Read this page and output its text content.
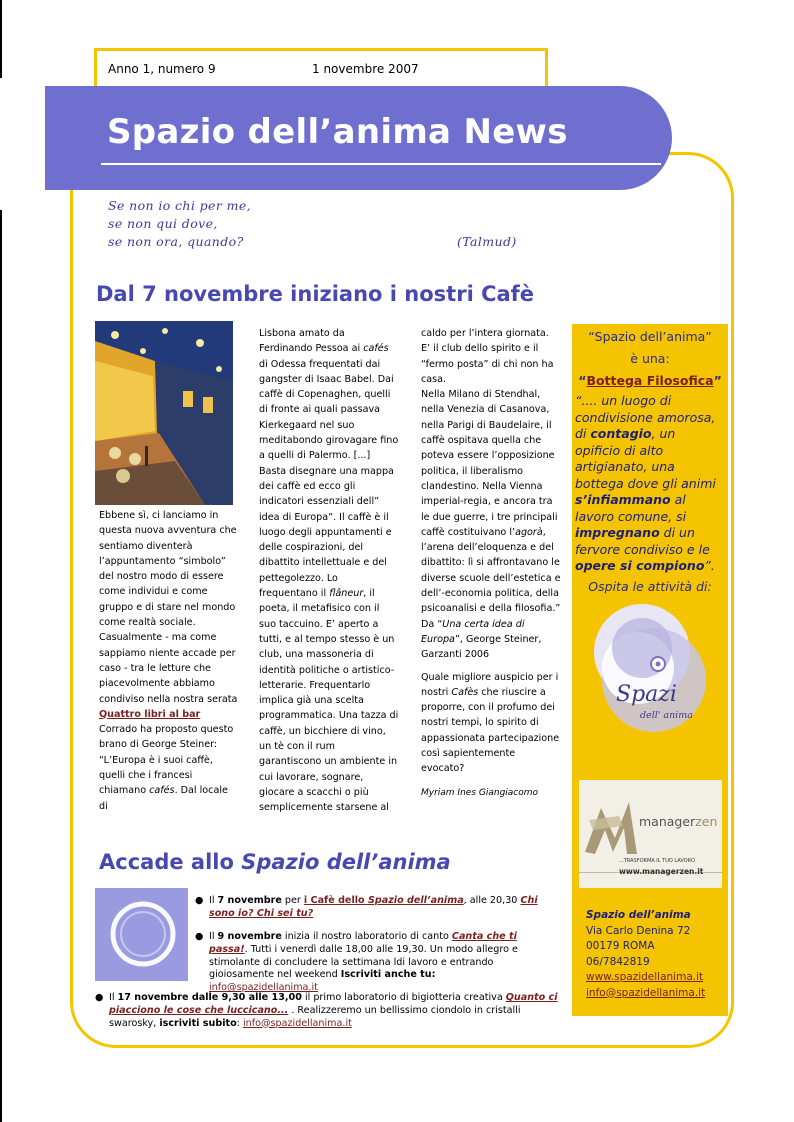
Anno 1, numero 9	1 novembre 2007
Spazio dell’anima News
Se non io chi per me,
se non qui dove,
se non ora, quando?	(Talmud)
Dal 7 novembre iniziano i nostri Cafè

Ebbene sì, ci lanciamo in questa nuova avventura che sentiamo diventerà l’appuntamento “simbolo” del nostro modo di essere come individui e come gruppo e di stare nel mondo come realtà sociale.

Casualmente - ma come sappiamo niente accade per caso - tra le letture che piacevolmente abbiamo condiviso nella nostra serata Quattro libri al bar Corrado ha proposto questo brano di George Steiner:

“L’Europa è i suoi caffè, quelli che i francesi chiamano cafés. Dal locale di

Lisbona amato da Ferdinando Pessoa ai cafés di Odessa frequentati dai gangster di Isaac Babel. Dai caffè di Copenaghen, quelli di fronte ai quali passava Kierkegaard nel suo meditabondo girovagare fino a quelli di Palermo. [...] Basta disegnare una mappa dei caffè ed ecco gli indicatori essenziali dell” idea di Europa”. Il caffè è il luogo degli appuntamenti e delle cospirazioni, del dibattito intellettuale e del pettegolezzo. Lo frequentano il flâneur, il poeta, il metafisico con il suo taccuino. E’ aperto a tutti, e al tempo stesso è un club, una massoneria di identità politiche o artistico-letterarie. Frequentarlo implica già una scelta programmatica. Una tazza di caffè, un bicchiere di vino, un tè con il rum garantiscono un ambiente in cui lavorare, sognare, giocare a scacchi o più semplicemente starsene al

caldo per l’intera giornata. E’ il club dello spirito e il “fermo posta” di chi non ha casa.

Nella Milano di Stendhal, nella Venezia di Casanova, nella Parigi di Baudelaire, il caffè ospitava quella che poteva essere l’opposizione politica, il liberalismo clandestino. Nella Vienna imperial-regia, e ancora tra le due guerre, i tre principali caffè costituivano l’agorà, l’arena dell’eloquenza e del dibattito: lì si affrontavano le diverse scuole dell’estetica e dell’-economia politica, della psicoanalisi e della filosofia.”

Da “Una certa idea di Europa”, George Steiner, Garzanti 2006

Quale migliore auspicio per i nostri Cafès che riuscire a proporre, con il profumo dei nostri tempi, lo spirito di appassionata partecipazione così sapientemente evocato?

Myriam Ines Giangiacomo

“Spazio dell’anima”
è una:
“Bottega Filosofica”
“.... un luogo di condivisione amorosa, di contagio, un opificio di alto artigianato, una bottega dove gli animi s’infiammano al lavoro comune, si impregnano di un fervore condiviso e le opere si compiono”.
Ospita le attività di:
Spazi
dell' anima
managerzen
...TRASFORMA IL TUO LAVORO
www.managerzen.it
Spazio dell’anima
Via Carlo Denina 72
00179 ROMA
06/7842819
www.spazidellanima.it
info@spazidellanima.it
Accade allo Spazio dell’anima
● Il 7 novembre per i Cafè dello Spazio dell’anima, alle 20,30 Chi sono io? Chi sei tu?
● Il 9 novembre inizia il nostro laboratorio di canto Canta che ti passa!. Tutti i venerdì dalle 18,00 alle 19,30. Un modo allegro e stimolante di concludere la settimana ldi lavoro e entrando gioiosamente nel weekend Iscriviti anche tu: info@spazidellanima.it
● Il 17 novembre dalle 9,30 alle 13,00 il primo laboratorio di bigiotteria creativa Quanto ci piacciono le cose che luccicano... . Realizzeremo un bellissimo ciondolo in cristalli swarosky, iscriviti subito: info@spazidellanima.it
